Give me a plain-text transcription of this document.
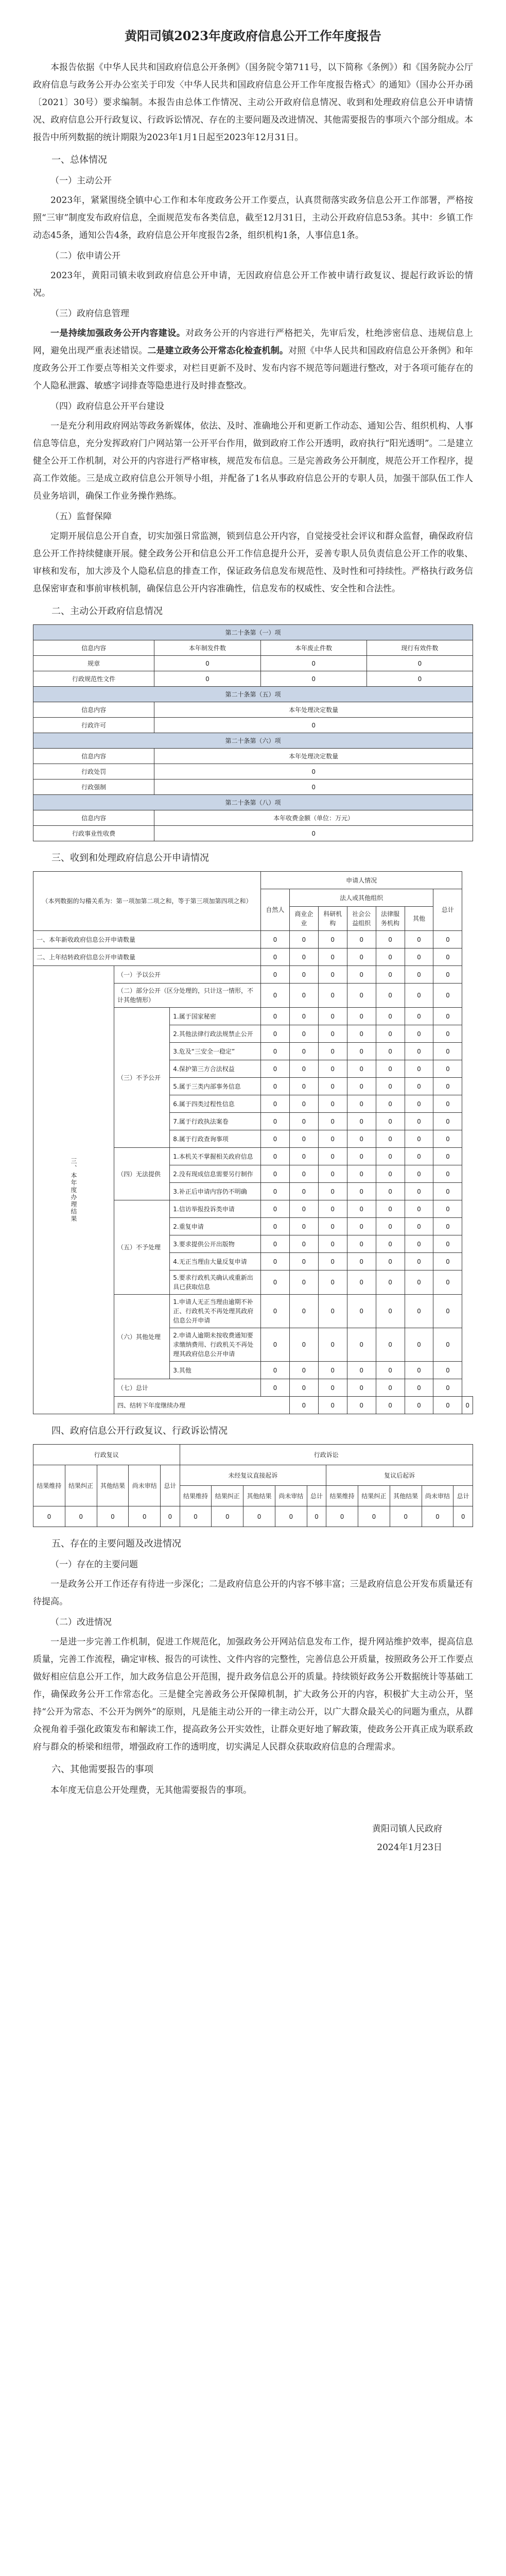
黄阳司镇2023年度政府信息公开工作年度报告

本报告依据《中华人民共和国政府信息公开条例》（国务院令第711号，以下简称《条例》）和《国务院办公厅政府信息与政务公开办公室关于印发〈中华人民共和国政府信息公开工作年度报告格式〉的通知》（国办公开办函〔2021〕30号）要求编制。本报告由总体工作情况、主动公开政府信息情况、收到和处理政府信息公开申请情况、政府信息公开行政复议、行政诉讼情况、存在的主要问题及改进情况、其他需要报告的事项六个部分组成。本报告中所列数据的统计期限为2023年1月1日起至2023年12月31日。

一、总体情况
（一）主动公开

2023年，紧紧围绕全镇中心工作和本年度政务公开工作要点，认真贯彻落实政务信息公开工作部署，严格按照“三审”制度发布政府信息，全面规范发布各类信息，截至12月31日，主动公开政府信息53条。其中：乡镇工作动态45条，通知公告4条，政府信息公开年度报告2条，组织机构1条，人事信息1条。

（二）依申请公开

2023年，黄阳司镇未收到政府信息公开申请，无因政府信息公开工作被申请行政复议、提起行政诉讼的情况。

（三）政府信息管理

一是持续加强政务公开内容建设。对政务公开的内容进行严格把关，先审后发，杜绝涉密信息、违规信息上网，避免出现严重表述错误。二是建立政务公开常态化检查机制。对照《中华人民共和国政府信息公开条例》和年度政务公开工作要点等相关文件要求，对栏目更新不及时、发布内容不规范等问题进行整改，对于各项可能存在的个人隐私泄露、敏感字词排查等隐患进行及时排查整改。

（四）政府信息公开平台建设

一是充分利用政府网站等政务新媒体，依法、及时、准确地公开和更新工作动态、通知公告、组织机构、人事信息等信息，充分发挥政府门户网站第一公开平台作用，做到政府工作公开透明，政府执行“阳光透明”。二是建立健全公开工作机制，对公开的内容进行严格审核，规范发布信息。三是完善政务公开制度，规范公开工作程序，提高工作效能。三是成立政府信息公开领导小组，并配备了1名从事政府信息公开的专职人员，加强干部队伍工作人员业务培训，确保工作业务操作熟练。

（五）监督保障

定期开展信息公开自查，切实加强日常监测，锁到信息公开内容，自觉接受社会评议和群众监督，确保政府信息公开工作持续健康开展。健全政务公开和信息公开工作信息提升公开，妥善专职人员负责信息公开工作的收集、审核和发布，加大涉及个人隐私信息的排查工作，保证政务信息发布规范性、及时性和可持续性。严格执行政务信息保密审查和事前审核机制，确保信息公开内容准确性，信息发布的权威性、安全性和合法性。

二、主动公开政府信息情况
第二十条第（一）项			
信息内容	本年制发件数	本年废止件数	现行有效件数
规章	0	0	0
行政规范性文件	0	0	0
第二十条第（五）项			
信息内容	本年处理决定数量		
行政许可	0		
第二十条第（六）项			
信息内容	本年处理决定数量		
行政处罚	0		
行政强制	0		
第二十条第（八）项			
信息内容	本年收费金额（单位：万元）		
行政事业性收费	0		
三、收到和处理政府信息公开申请情况
（本列数据的勾稽关系为：第一项加第二项之和，等于第三项加第四项之和）			申请人情况							
			自然人	法人或其他组织					总计	
				商业企业	科研机构	社会公益组织	法律服务机构	其他		
一、本年新收政府信息公开申请数量			0	0	0	0	0	0	0	
二、上年结转政府信息公开申请数量			0	0	0	0	0	0	0	
三、本年度办理结果	（一）予以公开		0	0	0	0	0	0	0	
	（二）部分公开（区分处理的，只计这一情形，不计其他情形）		0	0	0	0	0	0	0	
	（三）不予公开	1.属于国家秘密	0	0	0	0	0	0	0	
		2.其他法律行政法规禁止公开	0	0	0	0	0	0	0	
		3.危及“三安全一稳定”	0	0	0	0	0	0	0	
		4.保护第三方合法权益	0	0	0	0	0	0	0	
		5.属于三类内部事务信息	0	0	0	0	0	0	0	
		6.属于四类过程性信息	0	0	0	0	0	0	0	
		7.属于行政执法案卷	0	0	0	0	0	0	0	
		8.属于行政查询事项	0	0	0	0	0	0	0	
	（四）无法提供	1.本机关不掌握相关政府信息	0	0	0	0	0	0	0	
		2.没有现成信息需要另行制作	0	0	0	0	0	0	0	
		3.补正后申请内容仍不明确	0	0	0	0	0	0	0	
	（五）不予处理	1.信访举报投诉类申请	0	0	0	0	0	0	0	
		2.重复申请	0	0	0	0	0	0	0	
		3.要求提供公开出版物	0	0	0	0	0	0	0	
		4.无正当理由大量反复申请	0	0	0	0	0	0	0	
		5.要求行政机关确认或重新出具已获取信息	0	0	0	0	0	0	0	
	（六）其他处理	1.申请人无正当理由逾期不补正、行政机关不再处理其政府信息公开申请	0	0	0	0	0	0	0	
		2.申请人逾期未按收费通知要求缴纳费用、行政机关不再处理其政府信息公开申请	0	0	0	0	0	0	0	
		3.其他	0	0	0	0	0	0	0	
	（七）总计		0	0	0	0	0	0	0	
	四、结转下年度继续办理			0	0	0	0	0	0	0
四、政府信息公开行政复议、行政诉讼情况
行政复议					行政诉讼									
结果维持	结果纠正	其他结果	尚未审结	总计	未经复议直接起诉					复议后起诉				
					结果维持	结果纠正	其他结果	尚未审结	总计	结果维持	结果纠正	其他结果	尚未审结	总计
0	0	0	0	0	0	0	0	0	0	0	0	0	0	0
五、存在的主要问题及改进情况
（一）存在的主要问题

一是政务公开工作还存有待进一步深化；二是政府信息公开的内容不够丰富；三是政府信息公开发布质量还有待提高。

（二）改进情况

一是进一步完善工作机制，促进工作规范化，加强政务公开网站信息发布工作，提升网站维护效率，提高信息质量，完善工作流程，确定审核、报告的可读性、文件内容的完整性，完善信息公开质量，按照政务公开工作要点做好相应信息公开工作，加大政务信息公开范围，提升政务信息公开的质量。持续锁好政务公开数据统计等基础工作，确保政务公开工作常态化。三是健全完善政务公开保障机制，扩大政务公开的内容，积极扩大主动公开，坚持“公开为常态、不公开为例外”的原则，凡是能主动公开的一律主动公开，以广大群众最关心的问题为重点，从群众视角着手强化政策发布和解读工作，提高政务公开实效性，让群众更好地了解政策，使政务公开真正成为联系政府与群众的桥梁和纽带，增强政府工作的透明度，切实满足人民群众获取政府信息的合理需求。

六、其他需要报告的事项

本年度无信息公开处理费，无其他需要报告的事项。

黄阳司镇人民政府
2024年1月23日
